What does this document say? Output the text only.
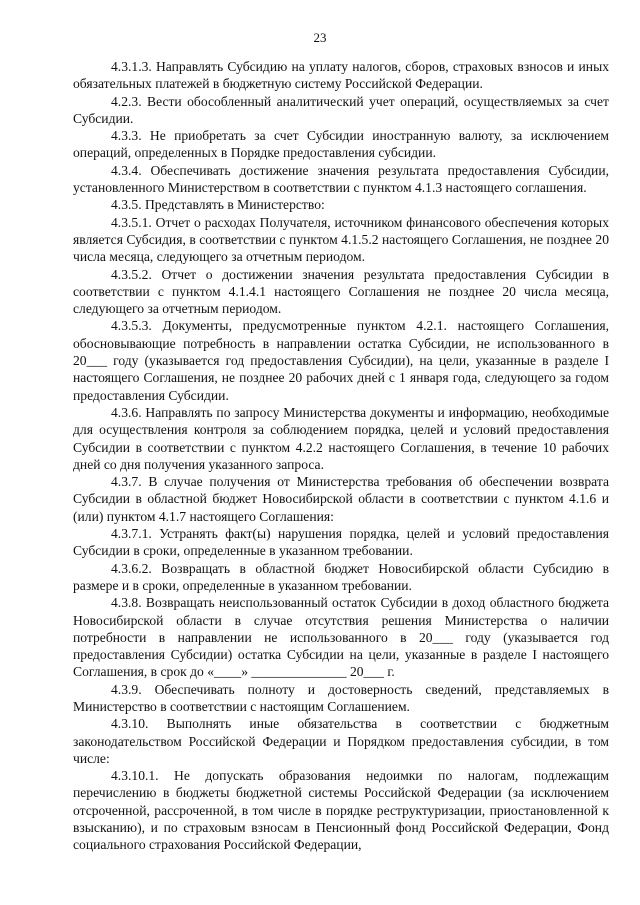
23

4.3.1.3. Направлять Субсидию на уплату налогов, сборов, страховых взносов и иных обязательных платежей в бюджетную систему Российской Федерации.

4.2.3. Вести обособленный аналитический учет операций, осуществляемых за счет Субсидии.

4.3.3. Не приобретать за счет Субсидии иностранную валюту, за исключением операций, определенных в Порядке предоставления субсидии.

4.3.4. Обеспечивать достижение значения результата предоставления Субсидии, установленного Министерством в соответствии с пунктом 4.1.3 настоящего соглашения.

4.3.5. Представлять в Министерство:

4.3.5.1. Отчет о расходах Получателя, источником финансового обеспечения которых является Субсидия, в соответствии с пунктом 4.1.5.2 настоящего Соглашения, не позднее 20 числа месяца, следующего за отчетным периодом.

4.3.5.2. Отчет о достижении значения результата предоставления Субсидии в соответствии с пунктом 4.1.4.1 настоящего Соглашения не позднее 20 числа месяца, следующего за отчетным периодом.

4.3.5.3. Документы, предусмотренные пунктом 4.2.1. настоящего Соглашения, обосновывающие потребность в направлении остатка Субсидии, не использованного в 20___ году (указывается год предоставления Субсидии), на цели, указанные в разделе I настоящего Соглашения, не позднее 20 рабочих дней с 1 января года, следующего за годом предоставления Субсидии.

4.3.6. Направлять по запросу Министерства документы и информацию, необходимые для осуществления контроля за соблюдением порядка, целей и условий предоставления Субсидии в соответствии с пунктом 4.2.2 настоящего Соглашения, в течение 10 рабочих дней со дня получения указанного запроса.

4.3.7. В случае получения от Министерства требования об обеспечении возврата Субсидии в областной бюджет Новосибирской области в соответствии с пунктом 4.1.6 и (или) пунктом 4.1.7 настоящего Соглашения:

4.3.7.1. Устранять факт(ы) нарушения порядка, целей и условий предоставления Субсидии в сроки, определенные в указанном требовании.

4.3.6.2. Возвращать в областной бюджет Новосибирской области Субсидию в размере и в сроки, определенные в указанном требовании.

4.3.8. Возвращать неиспользованный остаток Субсидии в доход областного бюджета Новосибирской области в случае отсутствия решения Министерства о наличии потребности в направлении не использованного в 20___ году (указывается год предоставления Субсидии) остатка Субсидии на цели, указанные в разделе I настоящего Соглашения, в срок до «____» ______________ 20___ г.

4.3.9. Обеспечивать полноту и достоверность сведений, представляемых в Министерство в соответствии с настоящим Соглашением.

4.3.10. Выполнять иные обязательства в соответствии с бюджетным законодательством Российской Федерации и Порядком предоставления субсидии, в том числе:

4.3.10.1. Не допускать образования недоимки по налогам, подлежащим перечислению в бюджеты бюджетной системы Российской Федерации (за исключением отсроченной, рассроченной, в том числе в порядке реструктуризации, приостановленной к взысканию), и по страховым взносам в Пенсионный фонд Российской Федерации, Фонд социального страхования Российской Федерации,
